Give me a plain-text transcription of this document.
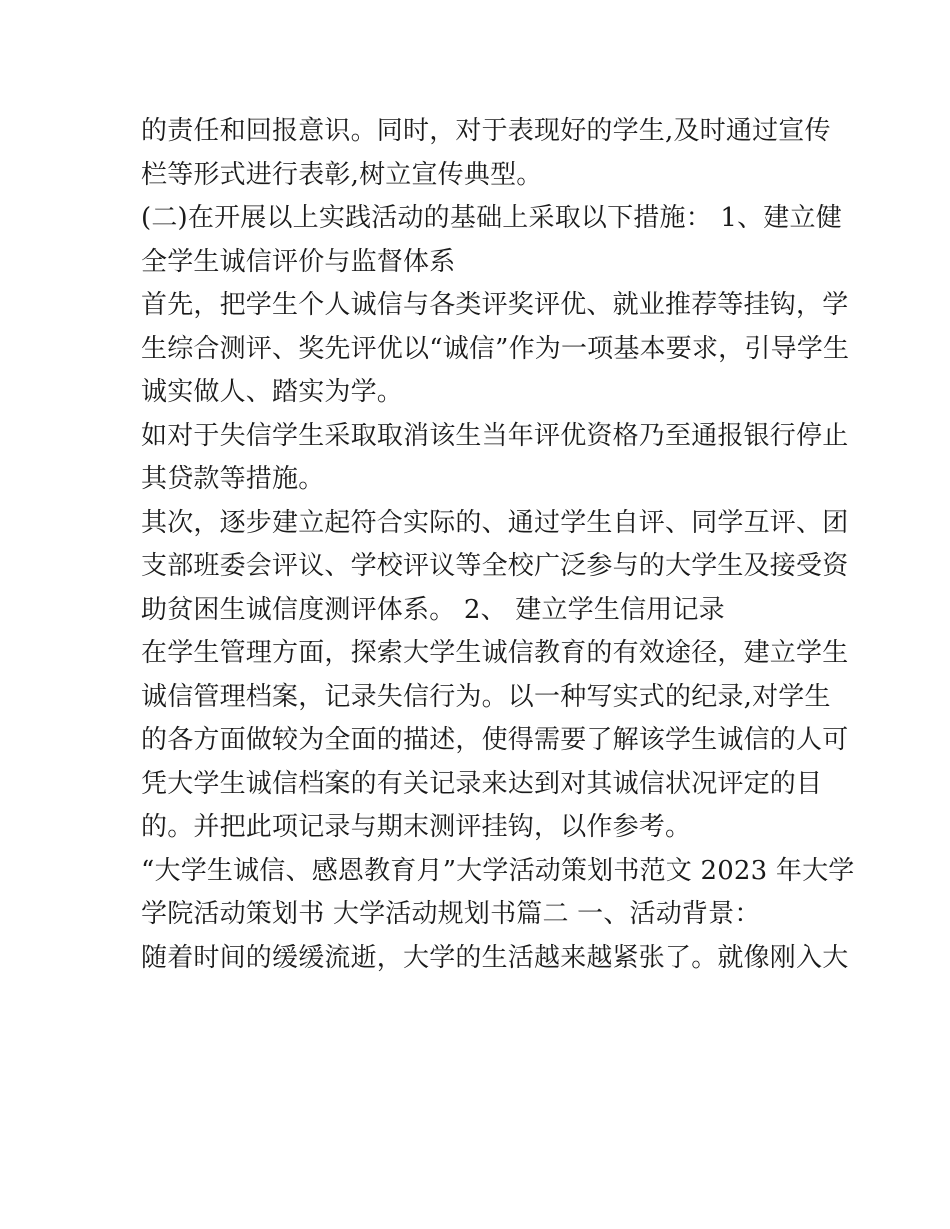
的责任和回报意识。同时，对于表现好的学生,及时通过宣传
栏等形式进行表彰,树立宣传典型。
(二)在开展以上实践活动的基础上采取以下措施： 1、建立健
全学生诚信评价与监督体系
首先，把学生个人诚信与各类评奖评优、就业推荐等挂钩，学
生综合测评、奖先评优以“诚信”作为一项基本要求，引导学生
诚实做人、踏实为学。
如对于失信学生采取取消该生当年评优资格乃至通报银行停止
其贷款等措施。
其次，逐步建立起符合实际的、通过学生自评、同学互评、团
支部班委会评议、学校评议等全校广泛参与的大学生及接受资
助贫困生诚信度测评体系。 2、 建立学生信用记录
在学生管理方面，探索大学生诚信教育的有效途径，建立学生
诚信管理档案，记录失信行为。以一种写实式的纪录,对学生
的各方面做较为全面的描述，使得需要了解该学生诚信的人可
凭大学生诚信档案的有关记录来达到对其诚信状况评定的目
的。并把此项记录与期末测评挂钩，以作参考。
“大学生诚信、感恩教育月”大学活动策划书范文 2023 年大学
学院活动策划书 大学活动规划书篇二 一、活动背景：
随着时间的缓缓流逝，大学的生活越来越紧张了。就像刚入大
